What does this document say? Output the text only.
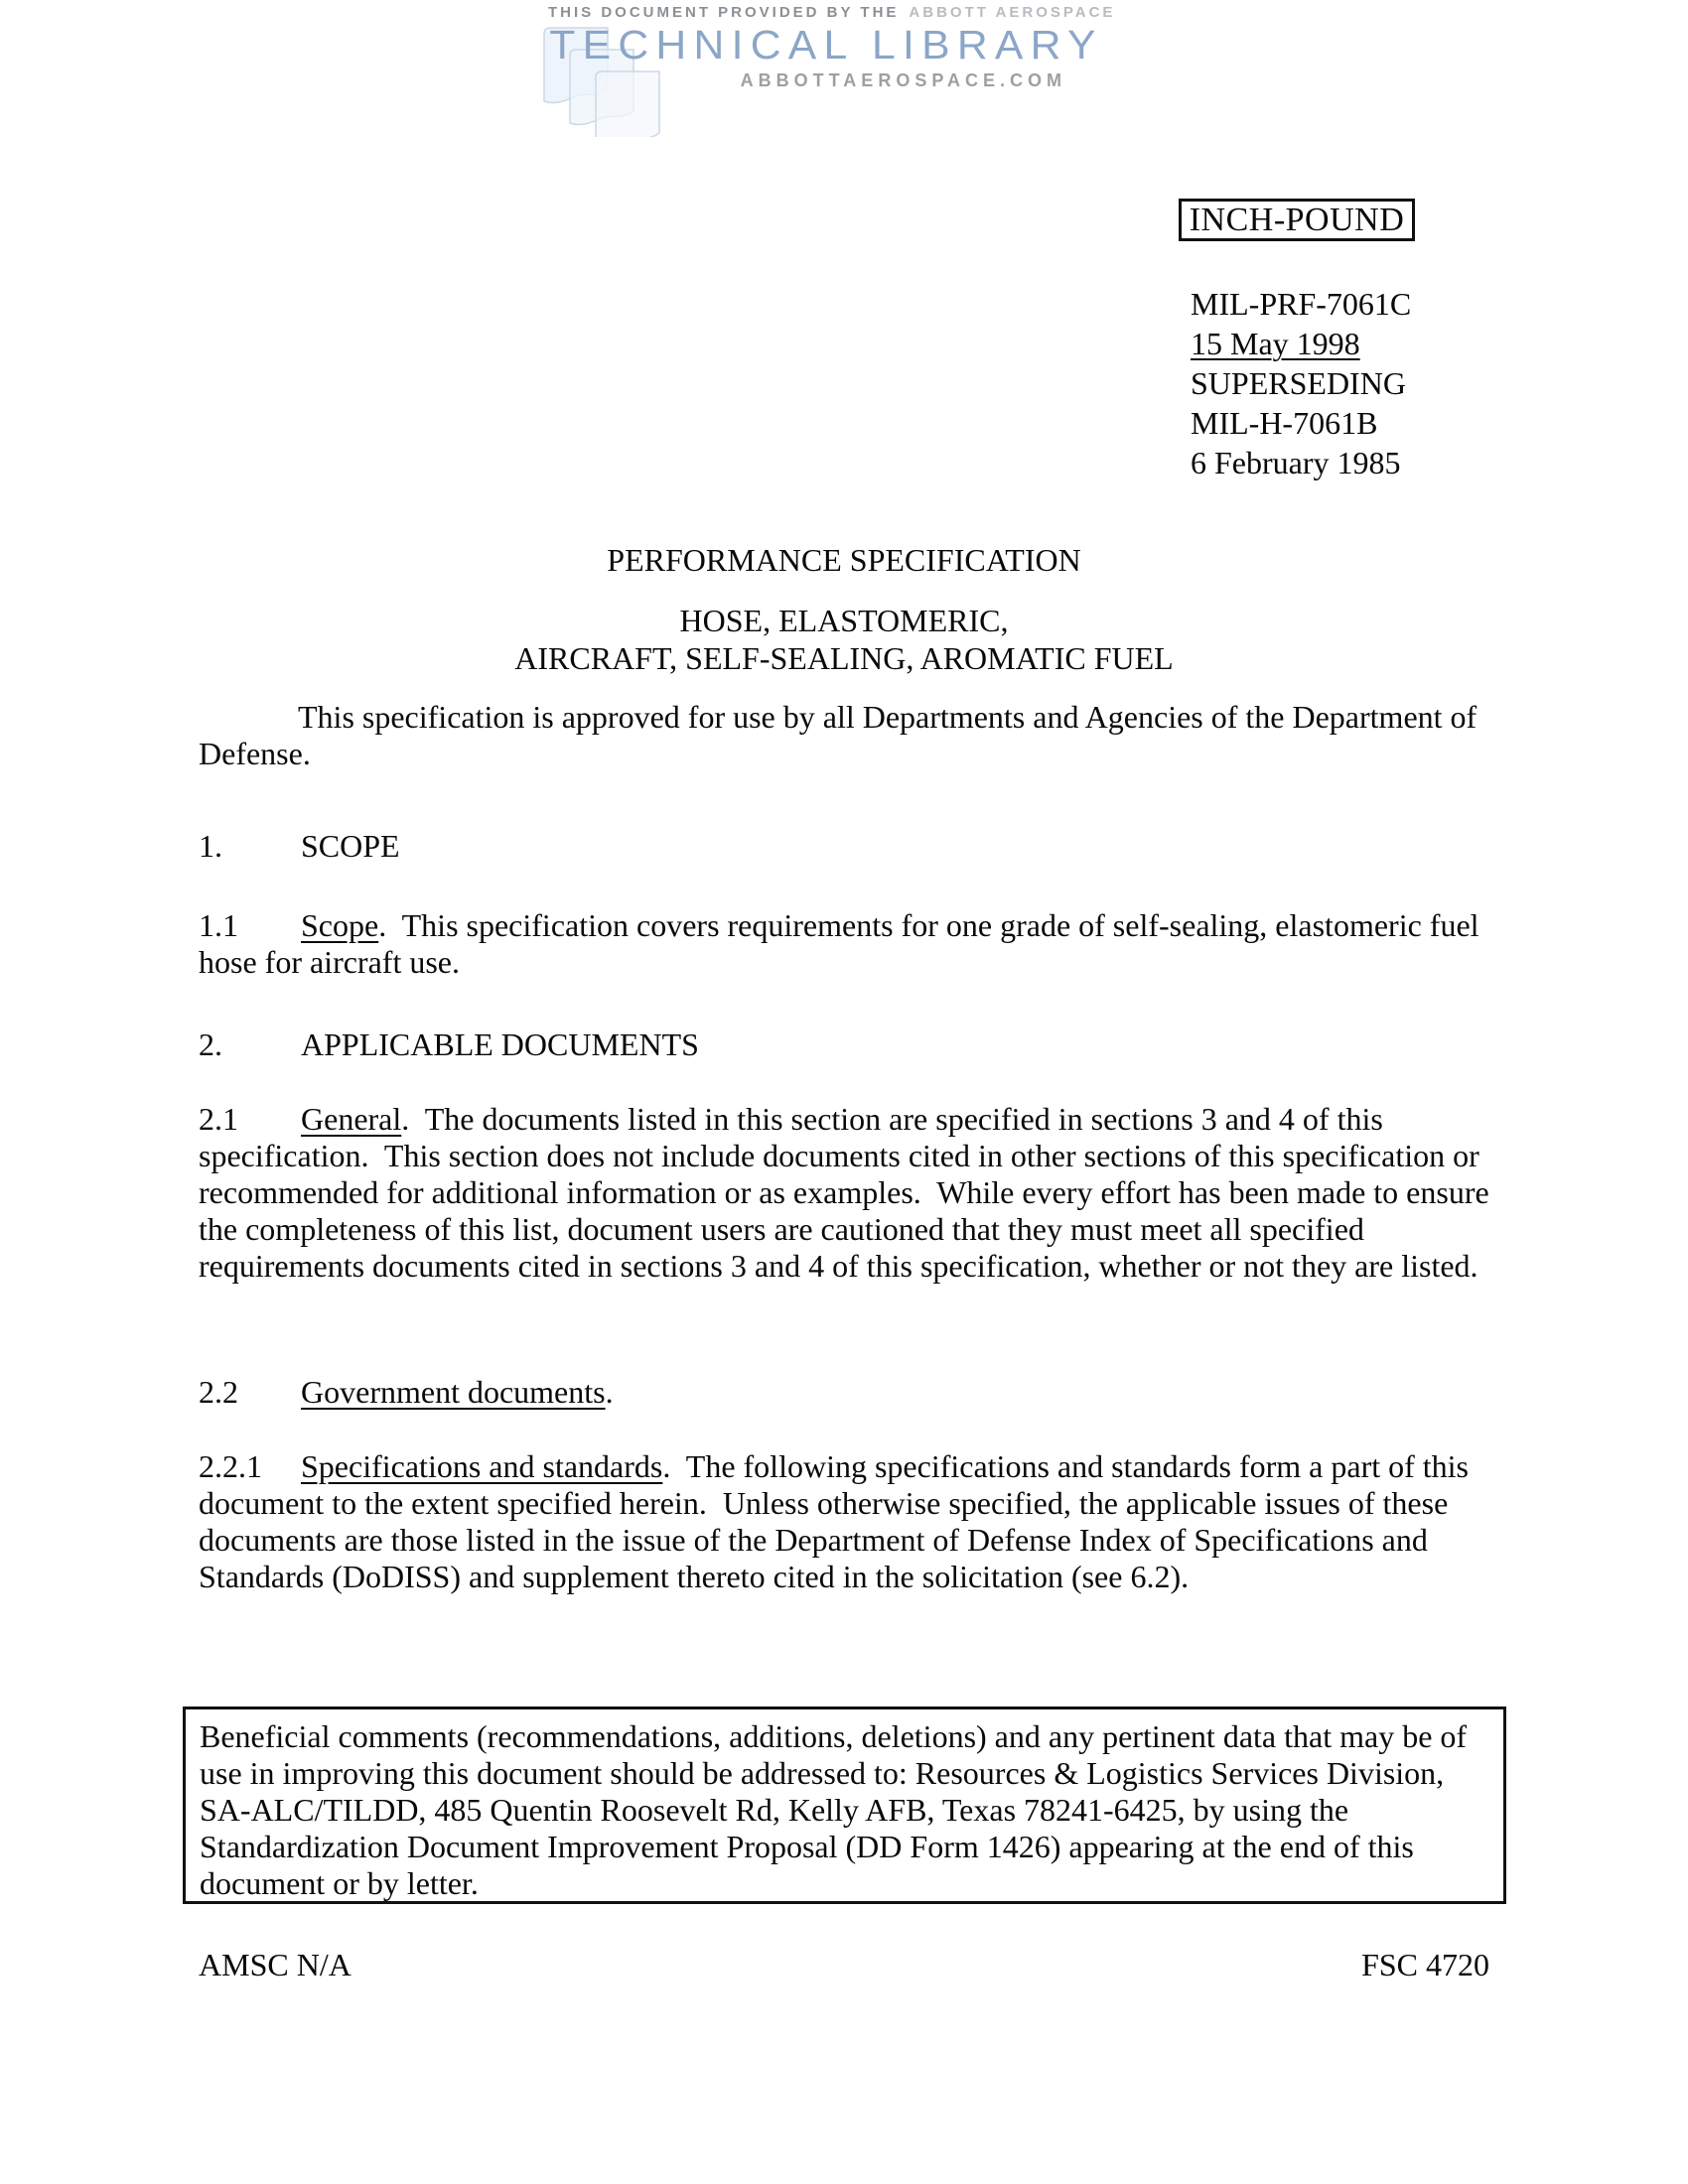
THIS DOCUMENT PROVIDED BY THE ABBOTT AEROSPACE
TECHNICAL LIBRARY
ABBOTTAEROSPACE.COM
INCH-POUND
MIL-PRF-7061C
15 May 1998
SUPERSEDING
MIL-H-7061B
6 February 1985
PERFORMANCE SPECIFICATION
HOSE, ELASTOMERIC,
AIRCRAFT, SELF-SEALING, AROMATIC FUEL
This specification is approved for use by all Departments and Agencies of the Department of Defense.
1. SCOPE
1.1 Scope.  This specification covers requirements for one grade of self-sealing, elastomeric fuel hose for aircraft use.
2. APPLICABLE DOCUMENTS
2.1 General.  The documents listed in this section are specified in sections 3 and 4 of this specification.  This section does not include documents cited in other sections of this specification or recommended for additional information or as examples.  While every effort has been made to ensure the completeness of this list, document users are cautioned that they must meet all specified requirements documents cited in sections 3 and 4 of this specification, whether or not they are listed.
2.2 Government documents.
2.2.1 Specifications and standards.  The following specifications and standards form a part of this document to the extent specified herein.  Unless otherwise specified, the applicable issues of these documents are those listed in the issue of the Department of Defense Index of Specifications and Standards (DoDISS) and supplement thereto cited in the solicitation (see 6.2).
Beneficial comments (recommendations, additions, deletions) and any pertinent data that may be of use in improving this document should be addressed to: Resources & Logistics Services Division, SA-ALC/TILDD, 485 Quentin Roosevelt Rd, Kelly AFB, Texas 78241-6425, by using the Standardization Document Improvement Proposal (DD Form 1426) appearing at the end of this document or by letter.
AMSC N/A	FSC 4720
